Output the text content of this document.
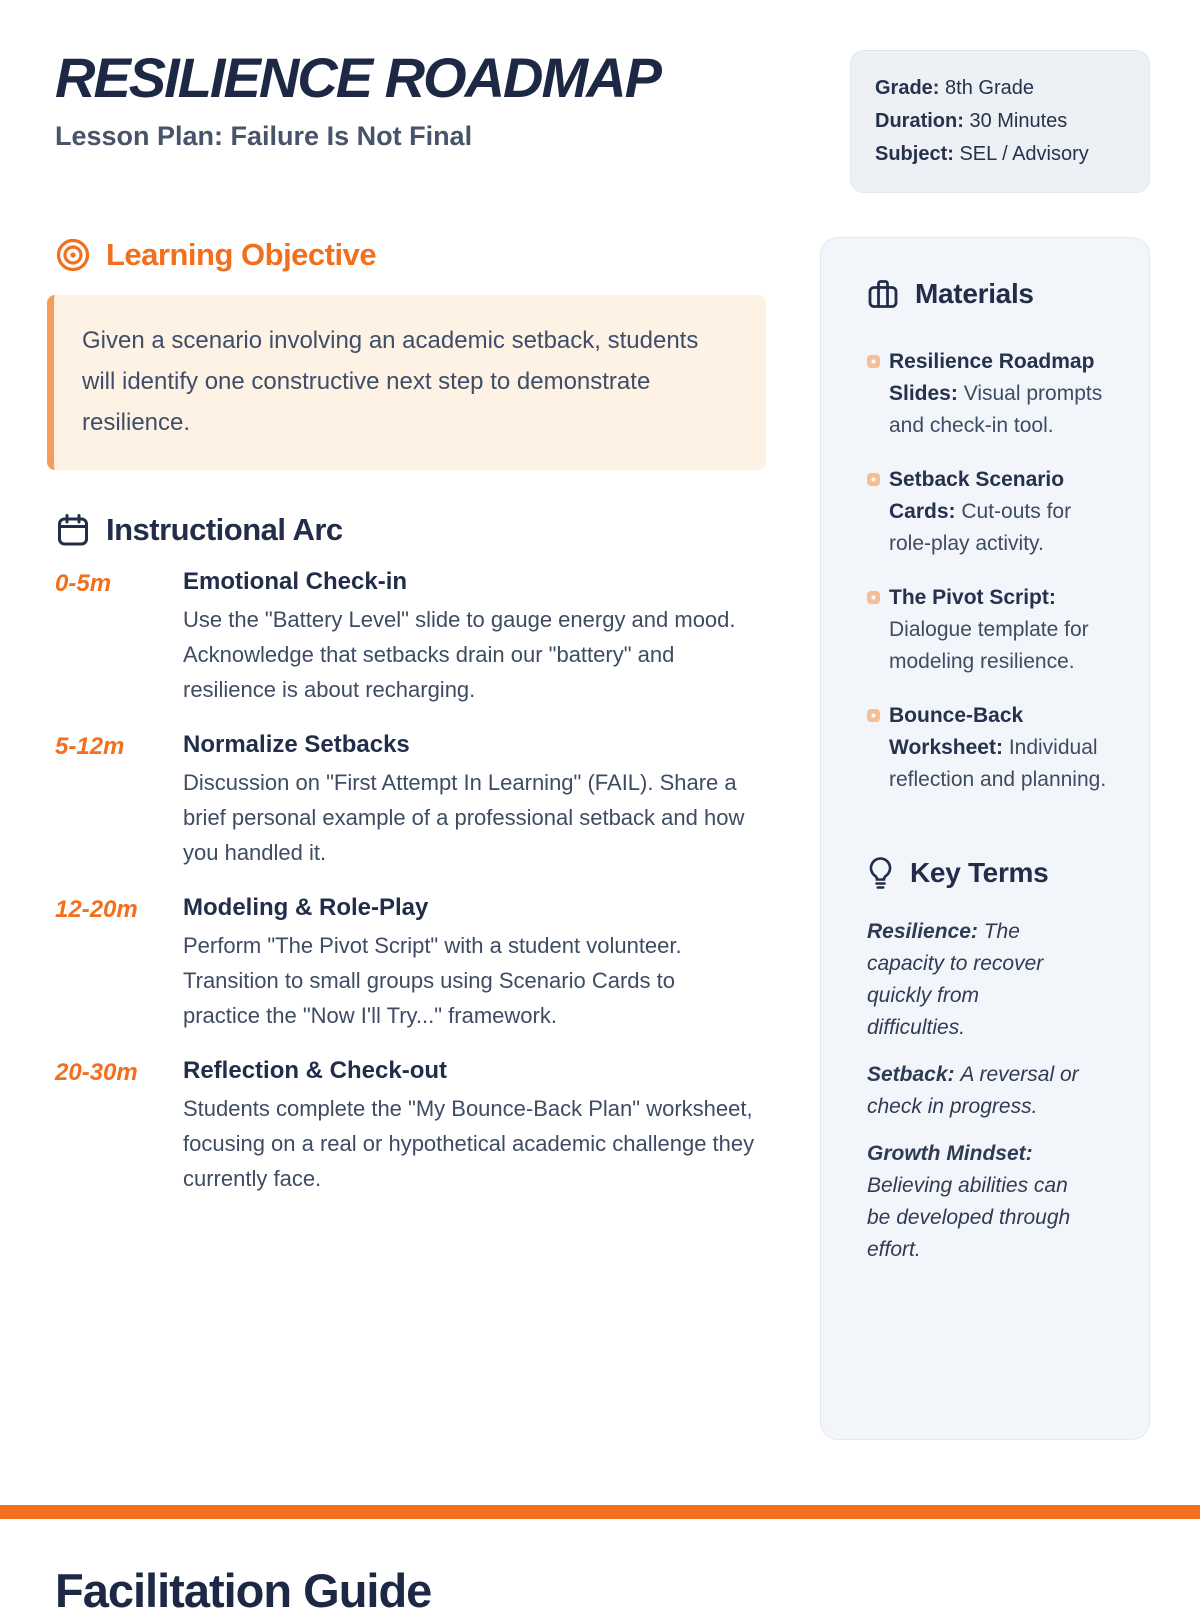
RESILIENCE ROADMAP
Lesson Plan: Failure Is Not Final
Grade: 8th Grade
Duration: 30 Minutes
Subject: SEL / Advisory
Learning Objective
Given a scenario involving an academic setback, students will identify one constructive next step to demonstrate resilience.
Instructional Arc
0-5m	Emotional Check-in
Use the "Battery Level" slide to gauge energy and mood. Acknowledge that setbacks drain our "battery" and resilience is about recharging.
5-12m	Normalize Setbacks
Discussion on "First Attempt In Learning" (FAIL). Share a brief personal example of a professional setback and how you handled it.
12-20m	Modeling & Role-Play
Perform "The Pivot Script" with a student volunteer. Transition to small groups using Scenario Cards to practice the "Now I'll Try..." framework.
20-30m	Reflection & Check-out
Students complete the "My Bounce-Back Plan" worksheet, focusing on a real or hypothetical academic challenge they currently face.
Materials
Resilience Roadmap Slides: Visual prompts and check-in tool.
Setback Scenario Cards: Cut-outs for role-play activity.
The Pivot Script:Dialogue template for modeling resilience.
Bounce-Back Worksheet: Individual reflection and planning.
Key Terms

Resilience: The capacity to recover quickly from difficulties.

Setback: A reversal or check in progress.

Growth Mindset:Believing abilities can be developed through effort.

Facilitation Guide
